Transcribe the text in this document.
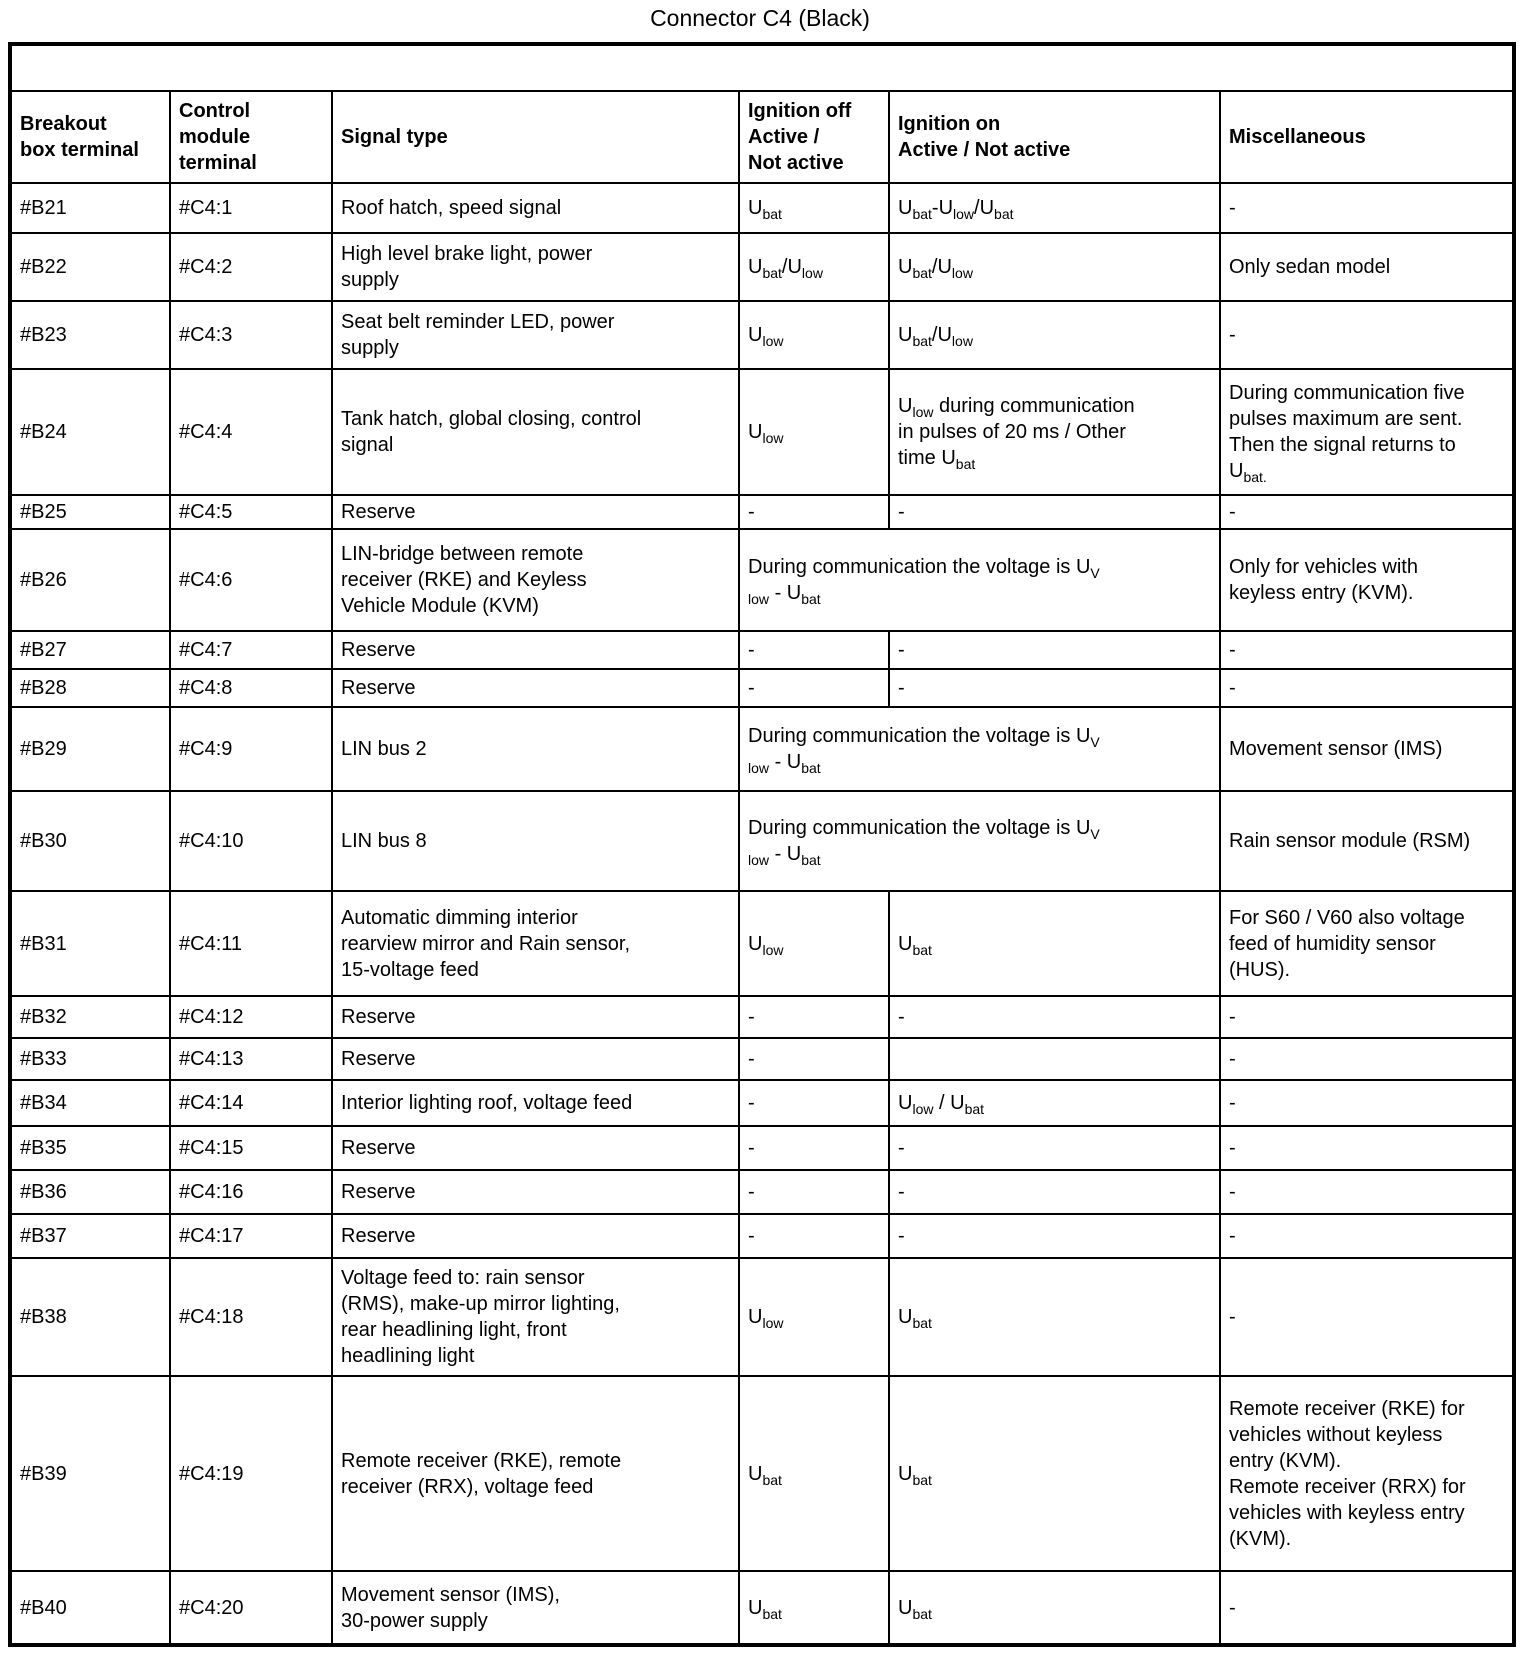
Connector C4 (Black)

Breakout
box terminal	Control
module
terminal	Signal type	Ignition off
Active /
Not active	Ignition on
Active / Not active	Miscellaneous
#B21	#C4:1	Roof hatch, speed signal	$U_{bat}$	$U_{bat}-U_{low}/U_{bat}$	-
#B22	#C4:2	High level brake light, power
supply	$U_{bat}/U_{low}$	$U_{bat}/U_{low}$	Only sedan model
#B23	#C4:3	Seat belt reminder LED, power
supply	$U_{low}$	$U_{bat}/U_{low}$	-
#B24	#C4:4	Tank hatch, global closing, control
signal	$U_{low}$	$U_{low}$ during communication
in pulses of 20 ms / Other
time $U_{bat}$	During communication five
pulses maximum are sent.
Then the signal returns to
$U_{bat.}$
#B25	#C4:5	Reserve	-	-	-
#B26	#C4:6	LIN-bridge between remote
receiver (RKE) and Keyless
Vehicle Module (KVM)	During communication the voltage is $U_V$
$_{low} - U_{bat}$		Only for vehicles with
keyless entry (KVM).
#B27	#C4:7	Reserve	-	-	-
#B28	#C4:8	Reserve	-	-	-
#B29	#C4:9	LIN bus 2	During communication the voltage is $U_V$
$_{low} - U_{bat}$		Movement sensor (IMS)
#B30	#C4:10	LIN bus 8	During communication the voltage is $U_V$
$_{low} - U_{bat}$		Rain sensor module (RSM)
#B31	#C4:11	Automatic dimming interior
rearview mirror and Rain sensor,
15-voltage feed	$U_{low}$	$U_{bat}$	For S60 / V60 also voltage
feed of humidity sensor
(HUS).
#B32	#C4:12	Reserve	-	-	-
#B33	#C4:13	Reserve	-		-
#B34	#C4:14	Interior lighting roof, voltage feed	-	$U_{low} / U_{bat}$	-
#B35	#C4:15	Reserve	-	-	-
#B36	#C4:16	Reserve	-	-	-
#B37	#C4:17	Reserve	-	-	-
#B38	#C4:18	Voltage feed to: rain sensor
(RMS), make-up mirror lighting,
rear headlining light, front
headlining light	$U_{low}$	$U_{bat}$	-
#B39	#C4:19	Remote receiver (RKE), remote
receiver (RRX), voltage feed	$U_{bat}$	$U_{bat}$	Remote receiver (RKE) for
vehicles without keyless
entry (KVM).
Remote receiver (RRX) for
vehicles with keyless entry
(KVM).
#B40	#C4:20	Movement sensor (IMS),
30-power supply	$U_{bat}$	$U_{bat}$	-
